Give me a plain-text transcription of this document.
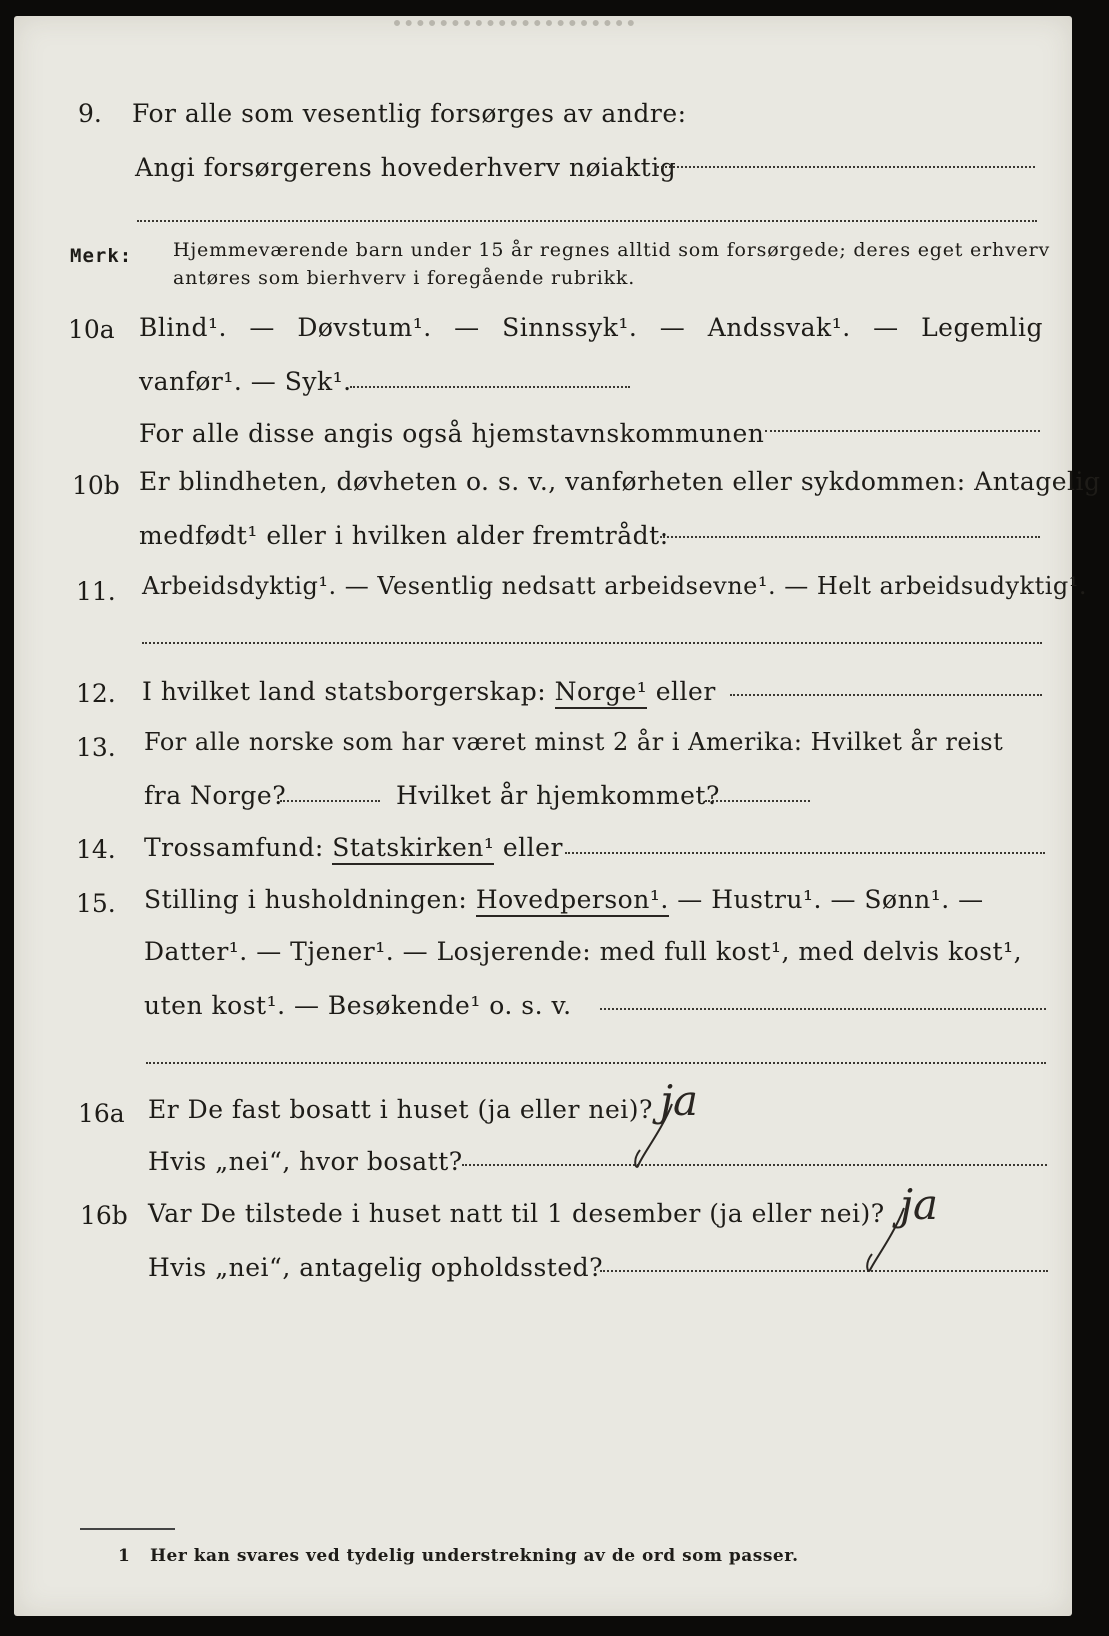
9. For alle som vesentlig forsørges av andre:
Angi forsørgerens hovederhverv nøiaktig
Merk: Hjemmeværende barn under 15 år regnes alltid som forsørgede; deres eget erhverv
antøres som bierhverv i foregående rubrikk.
10a Blind¹. — Døvstum¹. — Sinnssyk¹. — Andssvak¹. — Legemlig
vanfør¹. — Syk¹.
For alle disse angis også hjemstavnskommunen
10b Er blindheten, døvheten o. s. v., vanførheten eller sykdommen: Antagelig
medfødt¹ eller i hvilken alder fremtrådt:
11. Arbeidsdyktig¹. — Vesentlig nedsatt arbeidsevne¹. — Helt arbeidsudyktig¹.
12. I hvilket land statsborgerskap: Norge¹ eller
13. For alle norske som har været minst 2 år i Amerika: Hvilket år reist
fra Norge?	Hvilket år hjemkommet?
14. Trossamfund: Statskirken¹ eller
15. Stilling i husholdningen: Hovedperson¹. — Hustru¹. — Sønn¹. —
Datter¹. — Tjener¹. — Losjerende: med full kost¹, med delvis kost¹,
uten kost¹. — Besøkende¹ o. s. v.
16a Er De fast bosatt i huset (ja eller nei)? ja
Hvis „nei“, hvor bosatt?
16b Var De tilstede i huset natt til 1 desember (ja eller nei)? ja
Hvis „nei“, antagelig opholdssted?
1 Her kan svares ved tydelig understrekning av de ord som passer.
